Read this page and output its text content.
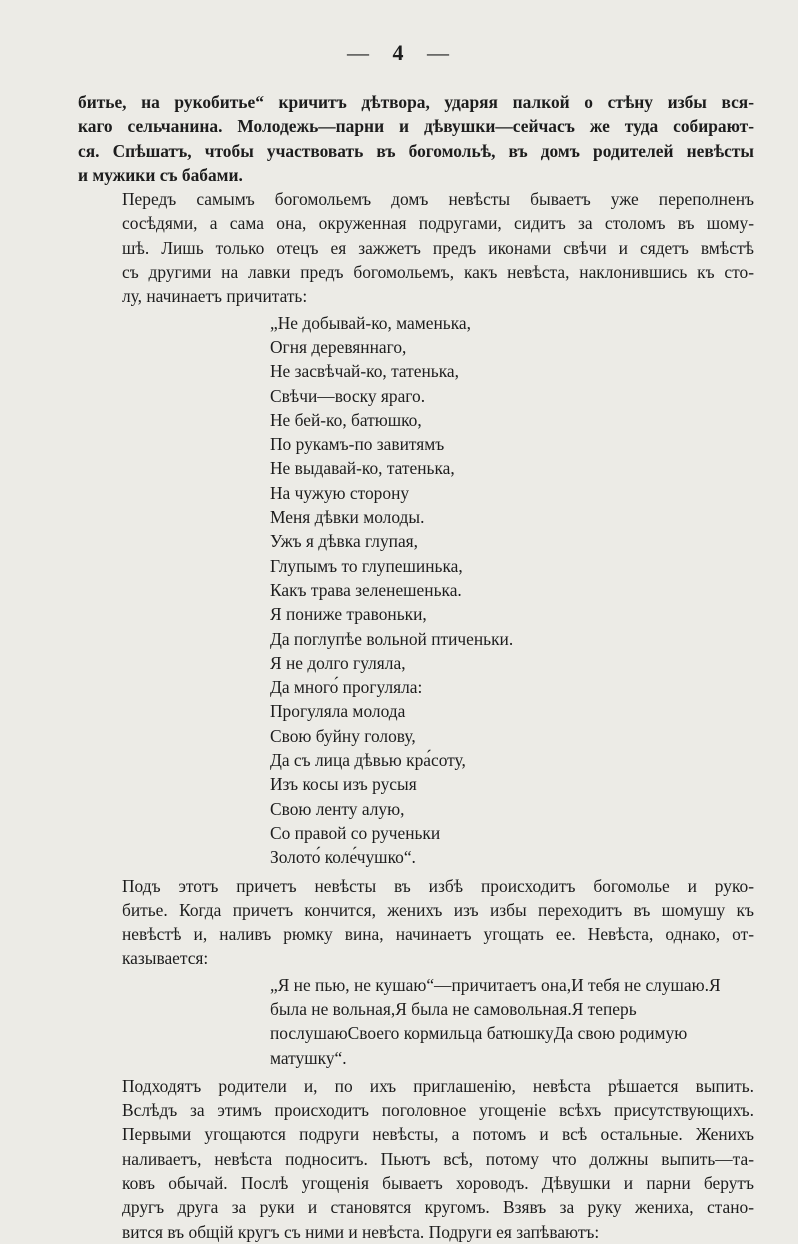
— 4 —
битье, на рукобитье“ кричитъ дѣтвора, ударяя палкой о стѣну избы вся-
каго сельчанина. Молодежь—парни и дѣвушки—сейчасъ же туда собирают-
ся. Спѣшатъ, чтобы участвовать въ богомольѣ, въ домъ родителей невѣсты
и мужики съ бабами.
Передъ самымъ богомольемъ домъ невѣсты бываетъ уже переполненъ
сосѣдями, а сама она, окруженная подругами, сидитъ за столомъ въ шому-
шѣ. Лишь только отецъ ея зажжетъ предъ иконами свѣчи и сядетъ вмѣстѣ
съ другими на лавки предъ богомольемъ, какъ невѣста, наклонившись къ сто-
лу, начинаетъ причитать:
„Не добывай-ко, маменька,
Огня деревяннаго,
Не засвѣчай-ко, татенька,
Свѣчи—воску яраго.
Не бей-ко, батюшко,
По рукамъ-по завитямъ
Не выдавай-ко, татенька,
На чужую сторону
Меня дѣвки молоды.
Ужъ я дѣвка глупая,
Глупымъ то глупешинька,
Какъ трава зеленешенька.
Я пониже травоньки,
Да поглупѣе вольной птиченьки.
Я не долго гуляла,
Да много́ прогуляла:
Прогуляла молода
Свою буйну голову,
Да съ лица дѣвью кра́соту,
Изъ косы изъ русыя
Свою ленту алую,
Со правой со рученьки
Золото́ коле́чушко“.
Подъ этотъ причетъ невѣсты въ избѣ происходитъ богомолье и руко-
битье. Когда причетъ кончится, женихъ изъ избы переходитъ въ шомушу къ
невѣстѣ и, наливъ рюмку вина, начинаетъ угощать ее. Невѣста, однако, от-
казывается:
„Я не пью, не кушаю“—причитаетъ она,И тебя не слушаю.Я была не вольная,Я была не самовольная.Я теперь послушаюСвоего кормильца батюшкуДа свою родимую матушку“.
Подходятъ родители и, по ихъ приглашенію, невѣста рѣшается выпить.
Вслѣдъ за этимъ происходитъ поголовное угощеніе всѣхъ присутствующихъ.
Первыми угощаются подруги невѣсты, а потомъ и всѣ остальные. Женихъ
наливаетъ, невѣста подноситъ. Пьютъ всѣ, потому что должны выпить—та-
ковъ обычай. Послѣ угощенія бываетъ хороводъ. Дѣвушки и парни берутъ
другъ друга за руки и становятся кругомъ. Взявъ за руку жениха, стано-
вится въ общій кругъ съ ними и невѣста. Подруги ея запѣваютъ:
